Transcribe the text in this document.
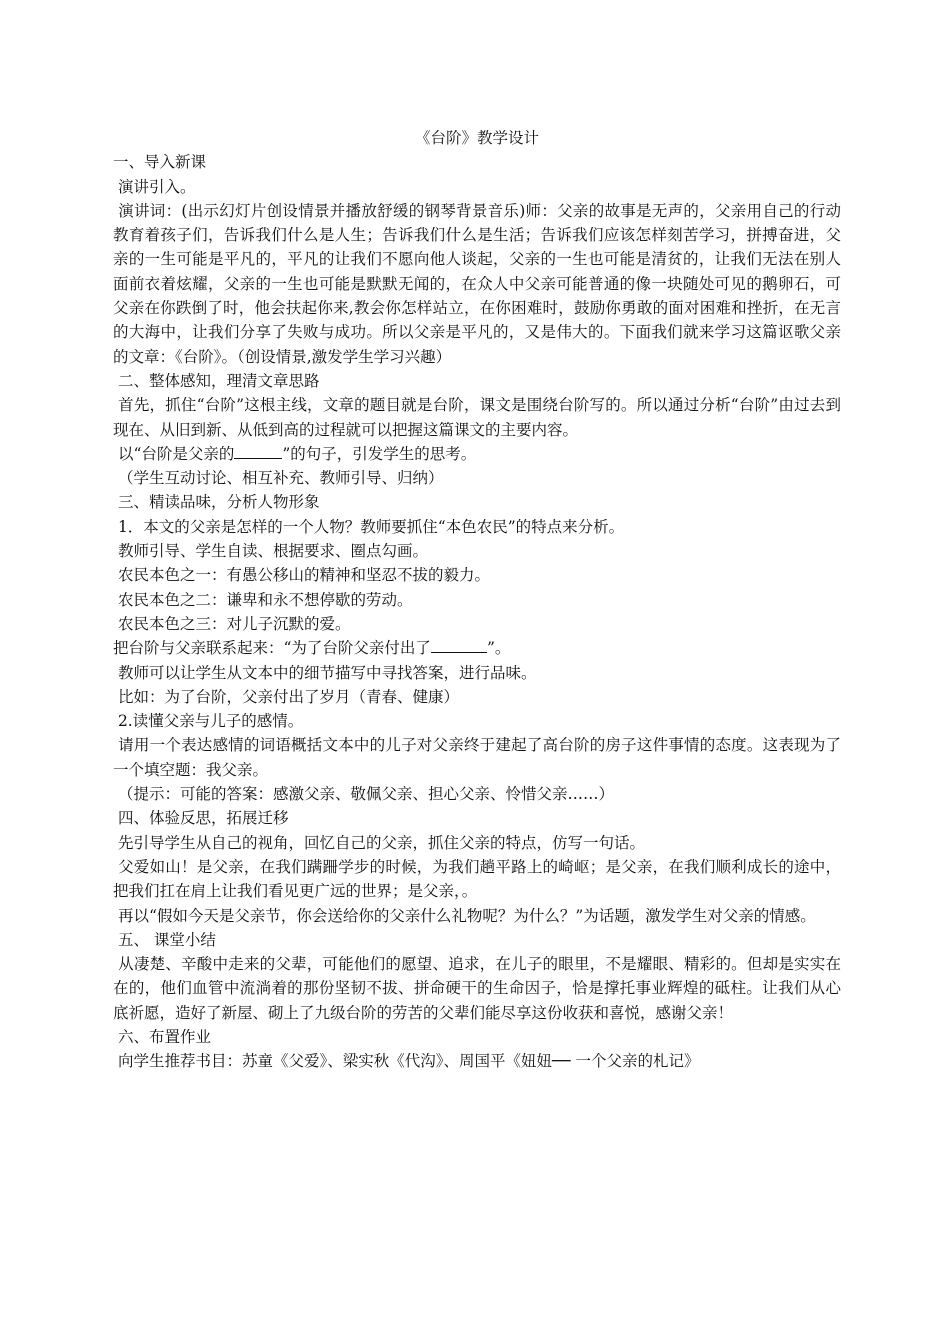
《台阶》教学设计

一、导入新课

演讲引入。

演讲词：(出示幻灯片创设情景并播放舒缓的钢琴背景音乐)师：父亲的故事是无声的，父亲用自己的行动教育着孩子们，告诉我们什么是人生；告诉我们什么是生活；告诉我们应该怎样刻苦学习，拼搏奋进，父亲的一生可能是平凡的，平凡的让我们不愿向他人谈起，父亲的一生也可能是清贫的，让我们无法在别人面前衣着炫耀，父亲的一生也可能是默默无闻的，在众人中父亲可能普通的像一块随处可见的鹅卵石，可父亲在你跌倒了时，他会扶起你来,教会你怎样站立，在你困难时，鼓励你勇敢的面对困难和挫折，在无言的大海中，让我们分享了失败与成功。所以父亲是平凡的，又是伟大的。下面我们就来学习这篇讴歌父亲的文章：《台阶》。（创设情景,激发学生学习兴趣）

二、整体感知，理清文章思路

首先，抓住“台阶”这根主线，文章的题目就是台阶，课文是围绕台阶写的。所以通过分析“台阶”由过去到现在、从旧到新、从低到高的过程就可以把握这篇课文的主要内容。

以“台阶是父亲的	”的句子，引发学生的思考。

（学生互动讨论、相互补充、教师引导、归纳）

三、精读品味，分析人物形象

1．本文的父亲是怎样的一个人物？教师要抓住“本色农民”的特点来分析。

教师引导、学生自读、根据要求、圈点勾画。

农民本色之一：有愚公移山的精神和坚忍不拔的毅力。

农民本色之二：谦卑和永不想停歇的劳动。

农民本色之三：对儿子沉默的爱。

把台阶与父亲联系起来：“为了台阶父亲付出了	”。

教师可以让学生从文本中的细节描写中寻找答案，进行品味。

比如：为了台阶，父亲付出了岁月（青春、健康）

2.读懂父亲与儿子的感情。

请用一个表达感情的词语概括文本中的儿子对父亲终于建起了高台阶的房子这件事情的态度。这表现为了一个填空题：我父亲。

（提示：可能的答案：感激父亲、敬佩父亲、担心父亲、怜惜父亲……）

四、体验反思，拓展迁移

先引导学生从自己的视角，回忆自己的父亲，抓住父亲的特点，仿写一句话。

父爱如山！是父亲，在我们蹒跚学步的时候，为我们趟平路上的崎岖；是父亲，在我们顺利成长的途中，把我们扛在肩上让我们看见更广远的世界；是父亲，。

再以“假如今天是父亲节，你会送给你的父亲什么礼物呢？为什么？”为话题，激发学生对父亲的情感。

五、 课堂小结

从凄楚、辛酸中走来的父辈，可能他们的愿望、追求，在儿子的眼里，不是耀眼、精彩的。但却是实实在在的，他们血管中流淌着的那份坚韧不拔、拼命硬干的生命因子，恰是撑托事业辉煌的砥柱。让我们从心底祈愿，造好了新屋、砌上了九级台阶的劳苦的父辈们能尽享这份收获和喜悦，感谢父亲！

六、布置作业

向学生推荐书目：苏童《父爱》、梁实秋《代沟》、周国平《妞妞── 一个父亲的札记》
